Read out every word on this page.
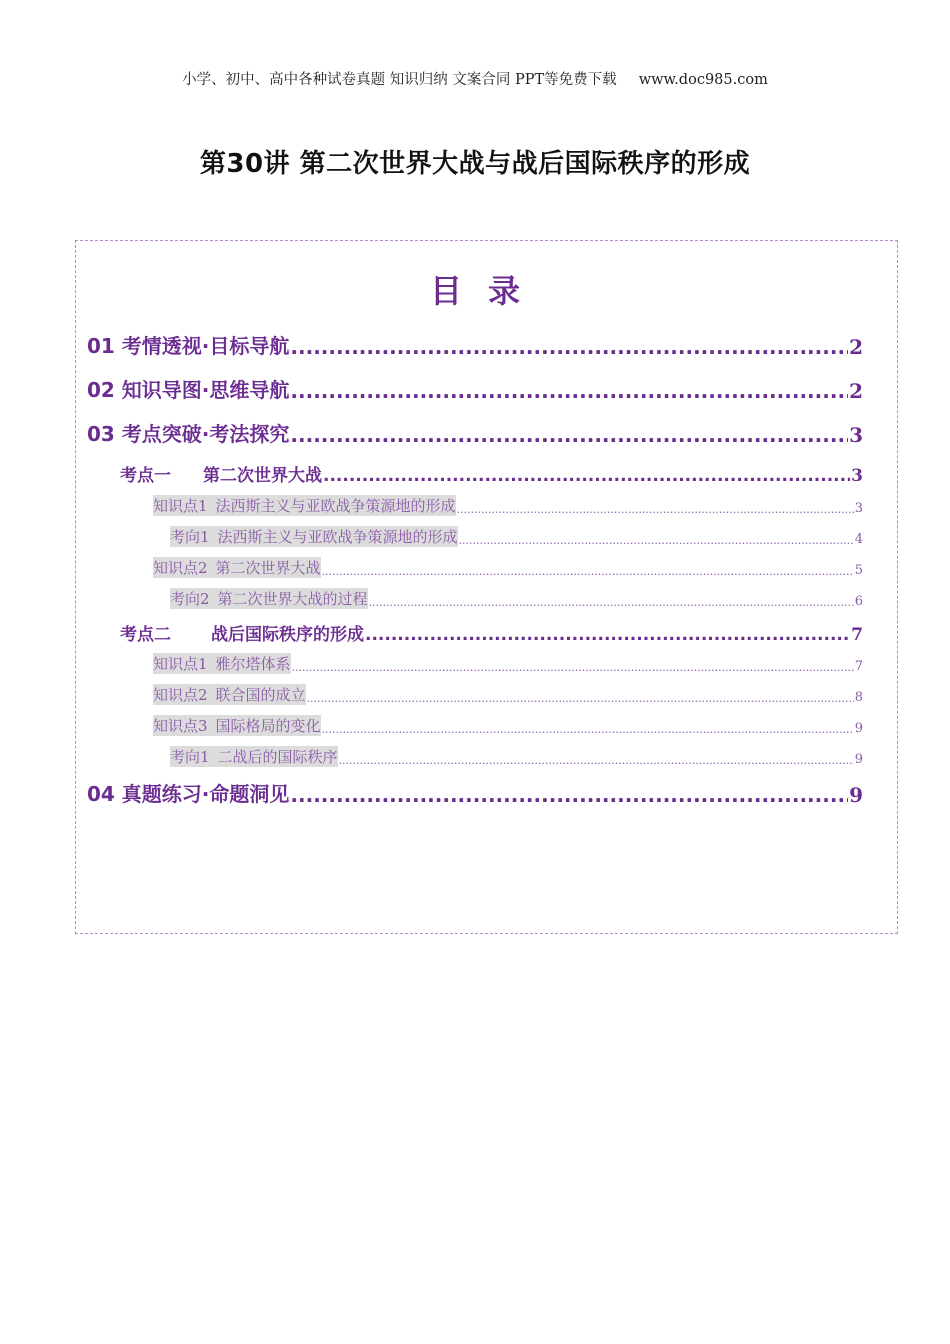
小学、初中、高中各种试卷真题 知识归纳 文案合同 PPT等免费下载 www.doc985.com
第30讲 第二次世界大战与战后国际秩序的形成
目录
01 考情透视·目标导航 .....	2
02 知识导图·思维导航 .....	2
03 考点突破·考法探究 .....	3
考点一 第二次世界大战 .....	3
知识点1 法西斯主义与亚欧战争策源地的形成 .....	3
考向1 法西斯主义与亚欧战争策源地的形成 .....	4
知识点2 第二次世界大战 .....	5
考向2 第二次世界大战的过程 .....	6
考点二 战后国际秩序的形成 .....	7
知识点1 雅尔塔体系 .....	7
知识点2 联合国的成立 .....	8
知识点3 国际格局的变化 .....	9
考向1 二战后的国际秩序 .....	9
04 真题练习·命题洞见 .....	9
